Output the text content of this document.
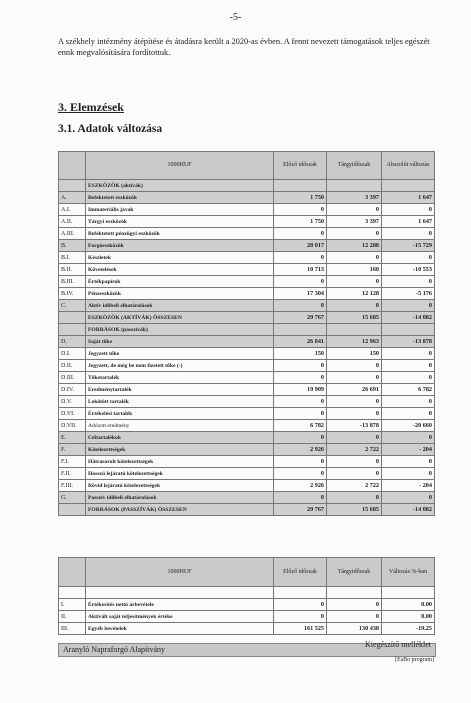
-5-
A székhely intézmény átépítése és átadásra került a 2020-as évben. A fennt nevezett támogatások teljes egészét ennk megvalósítására fordítottuk.
3. Elemzések
3.1. Adatok változása
	1000HUF	Előző időszak	Tárgyidőszak	Abszolút változás
	ESZKÖZÖK (aktívák)			
A.	Befektetett eszközök	1 750	3 397	1 647
A.I.	Immateriális javak	0	0	0
A.II.	Tárgyi eszközök	1 750	3 397	1 647
A.III.	Befektetett pénzügyi eszközök	0	0	0
B.	Forgóeszközök	28 017	12 288	-15 729
B.I.	Készletek	0	0	0
B.II.	Követelések	10 713	160	-10 553
B.III.	Értékpapírok	0	0	0
B.IV.	Pénzeszközök	17 304	12 128	-5 176
C.	Aktív időbeli elhatárolások	0	0	0
	ESZKÖZÖK (AKTÍVÁK) ÖSSZESEN	29 767	15 685	-14 082
	FORRÁSOK (passzívák)			
D.	Saját tőke	26 841	12 963	-13 878
D.I.	Jegyzett tőke	150	150	0
D.II.	Jegyzett, de még be nem fizetett tőke (-)	0	0	0
D.III.	Tőketartalék	0	0	0
D.IV.	Eredménytartalék	19 909	26 691	6 782
D.V.	Lekötött tartalék	0	0	0
D.VI.	Értékelési tartalék	0	0	0
D.VII.	Adózott eredmény	6 782	-13 878	-20 660
E.	Céltartalékok	0	0	0
F.	Kötelezettségek	2 926	2 722	- 204
F.I.	Hátrasorolt kötelezettségek	0	0	0
F.II.	Hosszú lejáratú kötelezettségek	0	0	0
F.III.	Rövid lejáratú kötelezettségek	2 926	2 722	- 204
G.	Passzív időbeli elhatárolások	0	0	0
	FORRÁSOK (PASSZÍVÁK) ÖSSZESEN	29 767	15 685	-14 082
	1000HUF	Előző időszak	Tárgyidőszak	Változás %-ban

I.	Értékesítés nettó árbevétele	0	0	0.00
II.	Aktivált saját teljesítmények értéke	0	0	0.00
III.	Egyéb bevételek	161 525	130 438	-19.25
Aranyló Napraforgó Alapítvány
Kiegészítő melléklet
[EsBo program]
